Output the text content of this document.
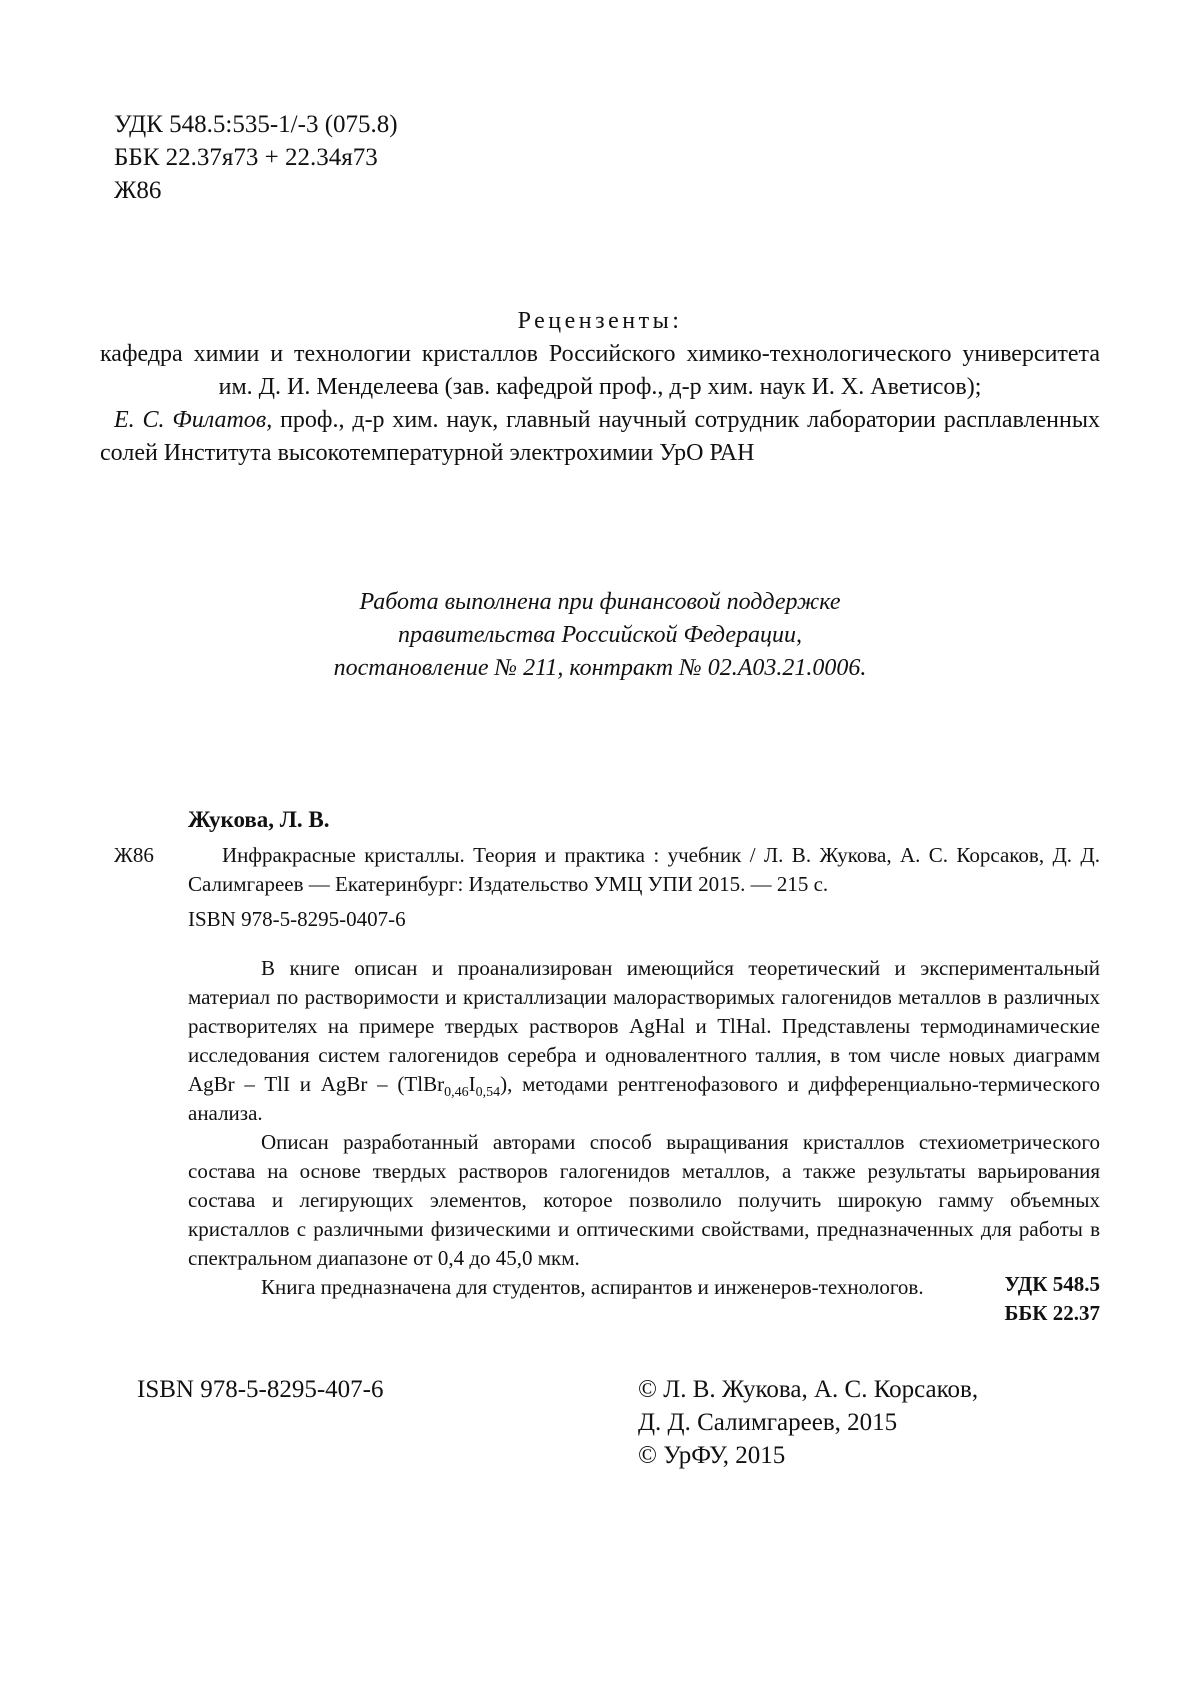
УДК 548.5:535-1/-3 (075.8)
ББК 22.37я73 + 22.34я73
Ж86
Рецензенты:
кафедра химии и технологии кристаллов Российского химико-технологического университета им. Д. И. Менделеева (зав. кафедрой проф., д-р хим. наук И. Х. Аветисов);
Е. С. Филатов, проф., д-р хим. наук, главный научный сотрудник лаборатории расплавленных солей Института высокотемпературной электрохимии УрО РАН
Работа выполнена при финансовой поддержке
правительства Российской Федерации,
постановление № 211, контракт № 02.А03.21.0006.
Жукова, Л. В.
Ж86	Инфракрасные кристаллы. Теория и практика : учебник / Л. В. Жукова, А. С. Корсаков, Д. Д. Салимгареев — Екатеринбург: Издательство УМЦ УПИ 2015. — 215 с.
ISBN 978-5-8295-0407-6

В книге описан и проанализирован имеющийся теоретический и экспериментальный материал по растворимости и кристаллизации малорастворимых галогенидов металлов в различных растворителях на примере твердых растворов AgHal и TlHal. Представлены термодинамические исследования систем галогенидов серебра и одновалентного таллия, в том числе новых диаграмм AgBr – TlI и AgBr – $(TlBr_{0,46}I_{0,54})$, методами рентгенофазового и дифференциально-термического анализа.

Описан разработанный авторами способ выращивания кристаллов стехиометрического состава на основе твердых растворов галогенидов металлов, а также результаты варьирования состава и легирующих элементов, которое позволило получить широкую гамму объемных кристаллов с различными физическими и оптическими свойствами, предназначенных для работы в спектральном диапазоне от 0,4 до 45,0 мкм.

Книга предназначена для студентов, аспирантов и инженеров-технологов.	УДК 548.5
ББК 22.37
ISBN 978-5-8295-407-6	© Л. В. Жукова, А. С. Корсаков,
Д. Д. Салимгареев, 2015
© УрФУ, 2015
